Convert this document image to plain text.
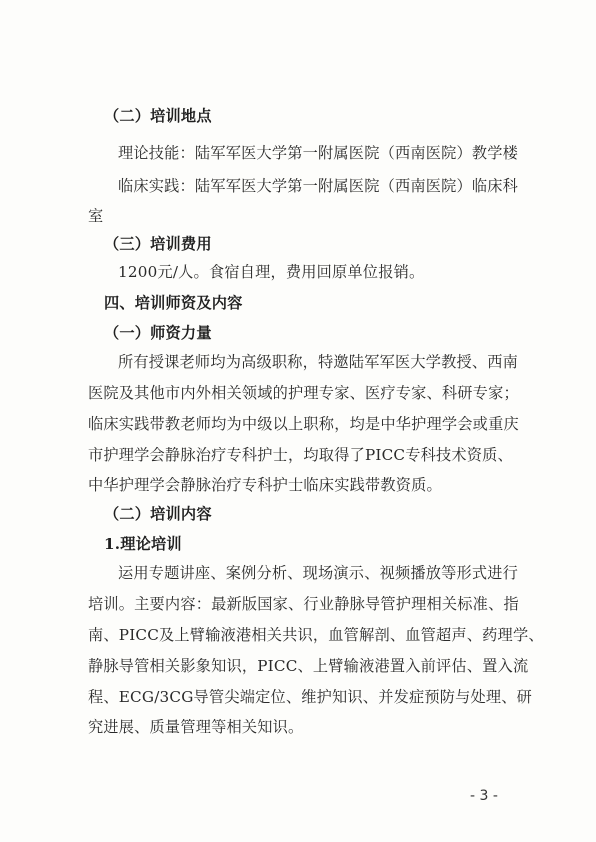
（二）培训地点
理论技能：陆军军医大学第一附属医院（西南医院）教学楼
临床实践：陆军军医大学第一附属医院（西南医院）临床科
室
（三）培训费用
1200元/人。食宿自理，费用回原单位报销。
四、培训师资及内容
（一）师资力量
所有授课老师均为高级职称，特邀陆军军医大学教授、西南
医院及其他市内外相关领域的护理专家、医疗专家、科研专家；
临床实践带教老师均为中级以上职称，均是中华护理学会或重庆
市护理学会静脉治疗专科护士，均取得了PICC专科技术资质、
中华护理学会静脉治疗专科护士临床实践带教资质。
（二）培训内容
1.理论培训
运用专题讲座、案例分析、现场演示、视频播放等形式进行
培训。主要内容：最新版国家、行业静脉导管护理相关标准、指
南、PICC及上臂输液港相关共识，血管解剖、血管超声、药理学、
静脉导管相关影象知识，PICC、上臂输液港置入前评估、置入流
程、ECG/3CG导管尖端定位、维护知识、并发症预防与处理、研
究进展、质量管理等相关知识。
- 3 -
